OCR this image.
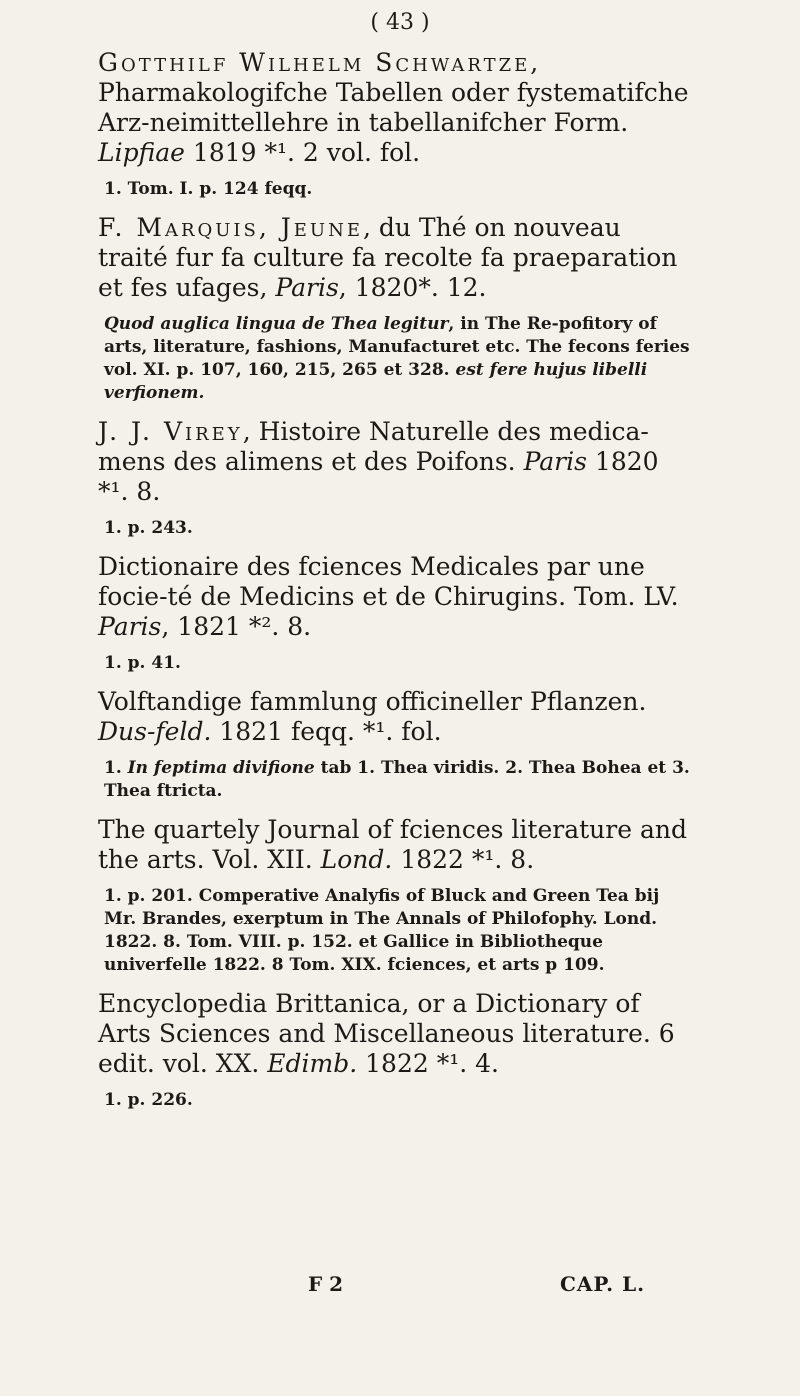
( 43 )
Gotthilf Wilhelm Schwartze, Pharmakologifche Tabellen oder fystematifche Arz-neimittellehre in tabellanifcher Form. Lipfiae 1819 *¹. 2 vol. fol.
1. Tom. I. p. 124 feqq.
F. Marquis, Jeune, du Thé on nouveau traité fur fa culture fa recolte fa praeparation et fes ufages, Paris, 1820*. 12.
Quod auglica lingua de Thea legitur, in The Re-pofitory of arts, literature, fashions, Manufacturet etc. The fecons feries vol. XI. p. 107, 160, 215, 265 et 328. est fere hujus libelli verfionem.
J. J. Virey, Histoire Naturelle des medica-mens des alimens et des Poifons. Paris 1820 *¹. 8.
1. p. 243.
Dictionaire des fciences Medicales par une focie-té de Medicins et de Chirugins. Tom. LV. Paris, 1821 *². 8.
1. p. 41.
Volftandige fammlung officineller Pflanzen. Dus-feld. 1821 feqq. *¹. fol.
1. In feptima divifione tab 1. Thea viridis. 2. Thea Bohea et 3. Thea ftricta.
The quartely Journal of fciences literature and the arts. Vol. XII. Lond. 1822 *¹. 8.
1. p. 201. Comperative Analyfis of Bluck and Green Tea bij Mr. Brandes, exerptum in The Annals of Philofophy. Lond. 1822. 8. Tom. VIII. p. 152. et Gallice in Bibliotheque univerfelle 1822. 8 Tom. XIX. fciences, et arts p 109.
Encyclopedia Brittanica, or a Dictionary of Arts Sciences and Miscellaneous literature. 6 edit. vol. XX. Edimb. 1822 *¹. 4.
1. p. 226.
F 2	CAP. L.
